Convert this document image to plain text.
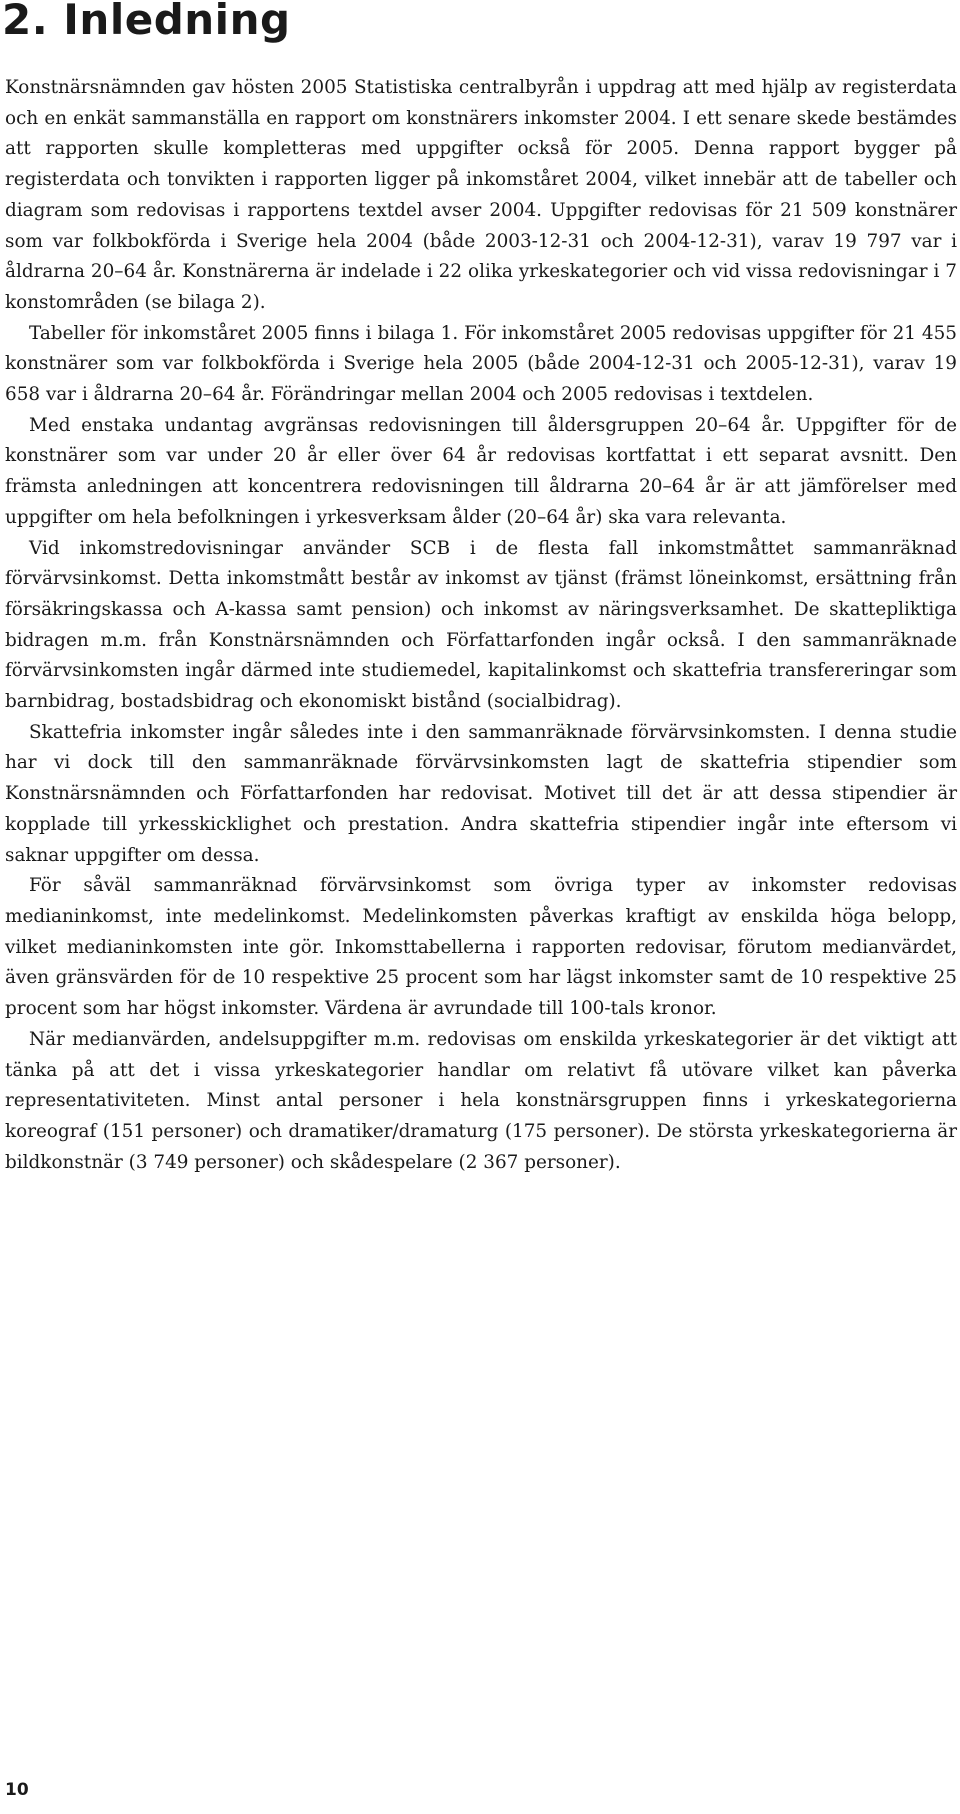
2. Inledning

Konstnärsnämnden gav hösten 2005 Statistiska centralbyrån i uppdrag att med hjälp av registerdata och en enkät sammanställa en rapport om konstnärers inkomster 2004. I ett senare skede bestämdes att rapporten skulle kompletteras med uppgifter också för 2005. Denna rapport bygger på registerdata och tonvikten i rapporten ligger på inkomståret 2004, vilket innebär att de tabeller och diagram som redovisas i rapportens textdel avser 2004. Uppgifter redovisas för 21 509 konstnärer som var folkbokförda i Sverige hela 2004 (både 2003-12-31 och 2004-12-31), varav 19 797 var i åldrarna 20–64 år. Konstnärerna är indelade i 22 olika yrkeskategorier och vid vissa redovisningar i 7 konstområden (se bilaga 2).

Tabeller för inkomståret 2005 finns i bilaga 1. För inkomståret 2005 redovisas uppgifter för 21 455 konstnärer som var folkbokförda i Sverige hela 2005 (både 2004-12-31 och 2005-12-31), varav 19 658 var i åldrarna 20–64 år. Förändringar mellan 2004 och 2005 redovisas i textdelen.

Med enstaka undantag avgränsas redovisningen till åldersgruppen 20–64 år. Uppgifter för de konstnärer som var under 20 år eller över 64 år redovisas kortfattat i ett separat avsnitt. Den främsta anledningen att koncentrera redovisningen till åldrarna 20–64 år är att jämförelser med uppgifter om hela befolkningen i yrkesverksam ålder (20–64 år) ska vara relevanta.

Vid inkomstredovisningar använder SCB i de flesta fall inkomstmåttet sammanräknad förvärvsinkomst. Detta inkomstmått består av inkomst av tjänst (främst löneinkomst, ersättning från försäkringskassa och A-kassa samt pension) och inkomst av näringsverksamhet. De skattepliktiga bidragen m.m. från Konstnärsnämnden och Författarfonden ingår också. I den sammanräknade förvärvsinkomsten ingår därmed inte studiemedel, kapitalinkomst och skattefria transfereringar som barnbidrag, bostadsbidrag och ekonomiskt bistånd (socialbidrag).

Skattefria inkomster ingår således inte i den sammanräknade förvärvsinkomsten. I denna studie har vi dock till den sammanräknade förvärvsinkomsten lagt de skattefria stipendier som Konstnärsnämnden och Författarfonden har redovisat. Motivet till det är att dessa stipendier är kopplade till yrkesskicklighet och prestation. Andra skattefria stipendier ingår inte eftersom vi saknar uppgifter om dessa.

För såväl sammanräknad förvärvsinkomst som övriga typer av inkomster redovisas medianinkomst, inte medelinkomst. Medelinkomsten påverkas kraftigt av enskilda höga belopp, vilket medianinkomsten inte gör. Inkomsttabellerna i rapporten redovisar, förutom medianvärdet, även gränsvärden för de 10 respektive 25 procent som har lägst inkomster samt de 10 respektive 25 procent som har högst inkomster. Värdena är avrundade till 100-tals kronor.

När medianvärden, andelsuppgifter m.m. redovisas om enskilda yrkeskategorier är det viktigt att tänka på att det i vissa yrkeskategorier handlar om relativt få utövare vilket kan påverka representativiteten. Minst antal personer i hela konstnärsgruppen finns i yrkeskategorierna koreograf (151 personer) och dramatiker/dramaturg (175 personer). De största yrkeskategorierna är bildkonstnär (3 749 personer) och skådespelare (2 367 personer).

10
